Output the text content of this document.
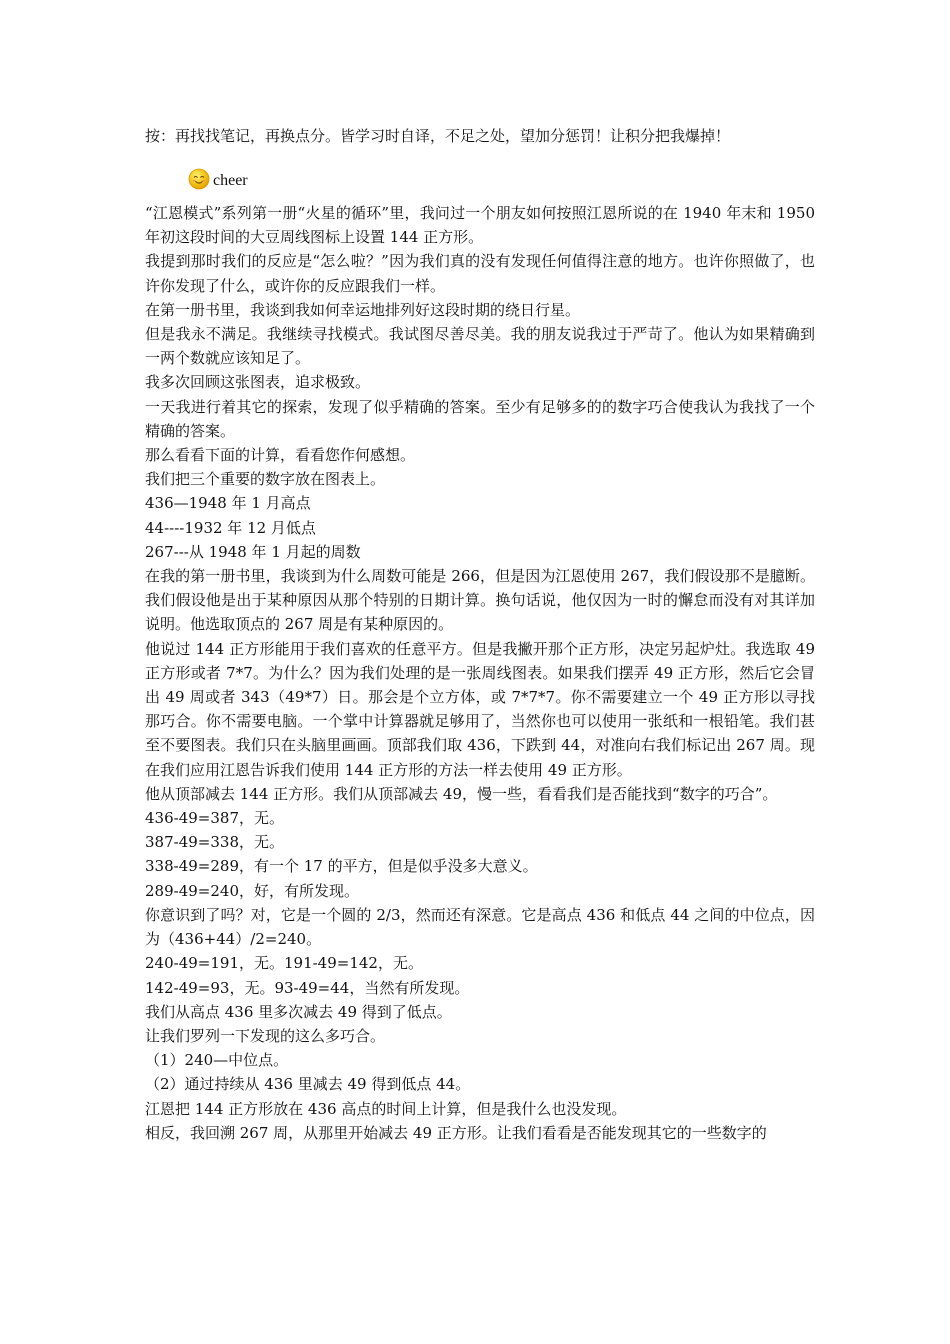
按：再找找笔记，再换点分。皆学习时自译，不足之处，望加分惩罚！让积分把我爆掉！
cheer

“江恩模式”系列第一册“火星的循环”里，我问过一个朋友如何按照江恩所说的在 1940 年末和 1950 年初这段时间的大豆周线图标上设置 144 正方形。

我提到那时我们的反应是“怎么啦？”因为我们真的没有发现任何值得注意的地方。也许你照做了，也许你发现了什么，或许你的反应跟我们一样。

在第一册书里，我谈到我如何幸运地排列好这段时期的绕日行星。

但是我永不满足。我继续寻找模式。我试图尽善尽美。我的朋友说我过于严苛了。他认为如果精确到一两个数就应该知足了。

我多次回顾这张图表，追求极致。

一天我进行着其它的探索，发现了似乎精确的答案。至少有足够多的的数字巧合使我认为我找了一个精确的答案。

那么看看下面的计算，看看您作何感想。

我们把三个重要的数字放在图表上。

436—1948 年 1 月高点

44----1932 年 12 月低点

267---从 1948 年 1 月起的周数

在我的第一册书里，我谈到为什么周数可能是 266，但是因为江恩使用 267，我们假设那不是臆断。我们假设他是出于某种原因从那个特别的日期计算。换句话说，他仅因为一时的懈怠而没有对其详加说明。他选取顶点的 267 周是有某种原因的。

他说过 144 正方形能用于我们喜欢的任意平方。但是我撇开那个正方形，决定另起炉灶。我选取 49 正方形或者 7*7。为什么？因为我们处理的是一张周线图表。如果我们摆弄 49 正方形，然后它会冒出 49 周或者 343（49*7）日。那会是个立方体，或 7*7*7。你不需要建立一个 49 正方形以寻找那巧合。你不需要电脑。一个掌中计算器就足够用了，当然你也可以使用一张纸和一根铅笔。我们甚至不要图表。我们只在头脑里画画。顶部我们取 436，下跌到 44，对准向右我们标记出 267 周。现在我们应用江恩告诉我们使用 144 正方形的方法一样去使用 49 正方形。

他从顶部减去 144 正方形。我们从顶部减去 49，慢一些，看看我们是否能找到“数字的巧合”。

436-49=387，无。

387-49=338，无。

338-49=289，有一个 17 的平方，但是似乎没多大意义。

289-49=240，好，有所发现。

你意识到了吗？对，它是一个圆的 2/3，然而还有深意。它是高点 436 和低点 44 之间的中位点，因为（436+44）/2=240。

240-49=191，无。191-49=142，无。

142-49=93，无。93-49=44，当然有所发现。

我们从高点 436 里多次减去 49 得到了低点。

让我们罗列一下发现的这么多巧合。

（1）240—中位点。

（2）通过持续从 436 里减去 49 得到低点 44。

江恩把 144 正方形放在 436 高点的时间上计算，但是我什么也没发现。

相反，我回溯 267 周，从那里开始减去 49 正方形。让我们看看是否能发现其它的一些数字的
